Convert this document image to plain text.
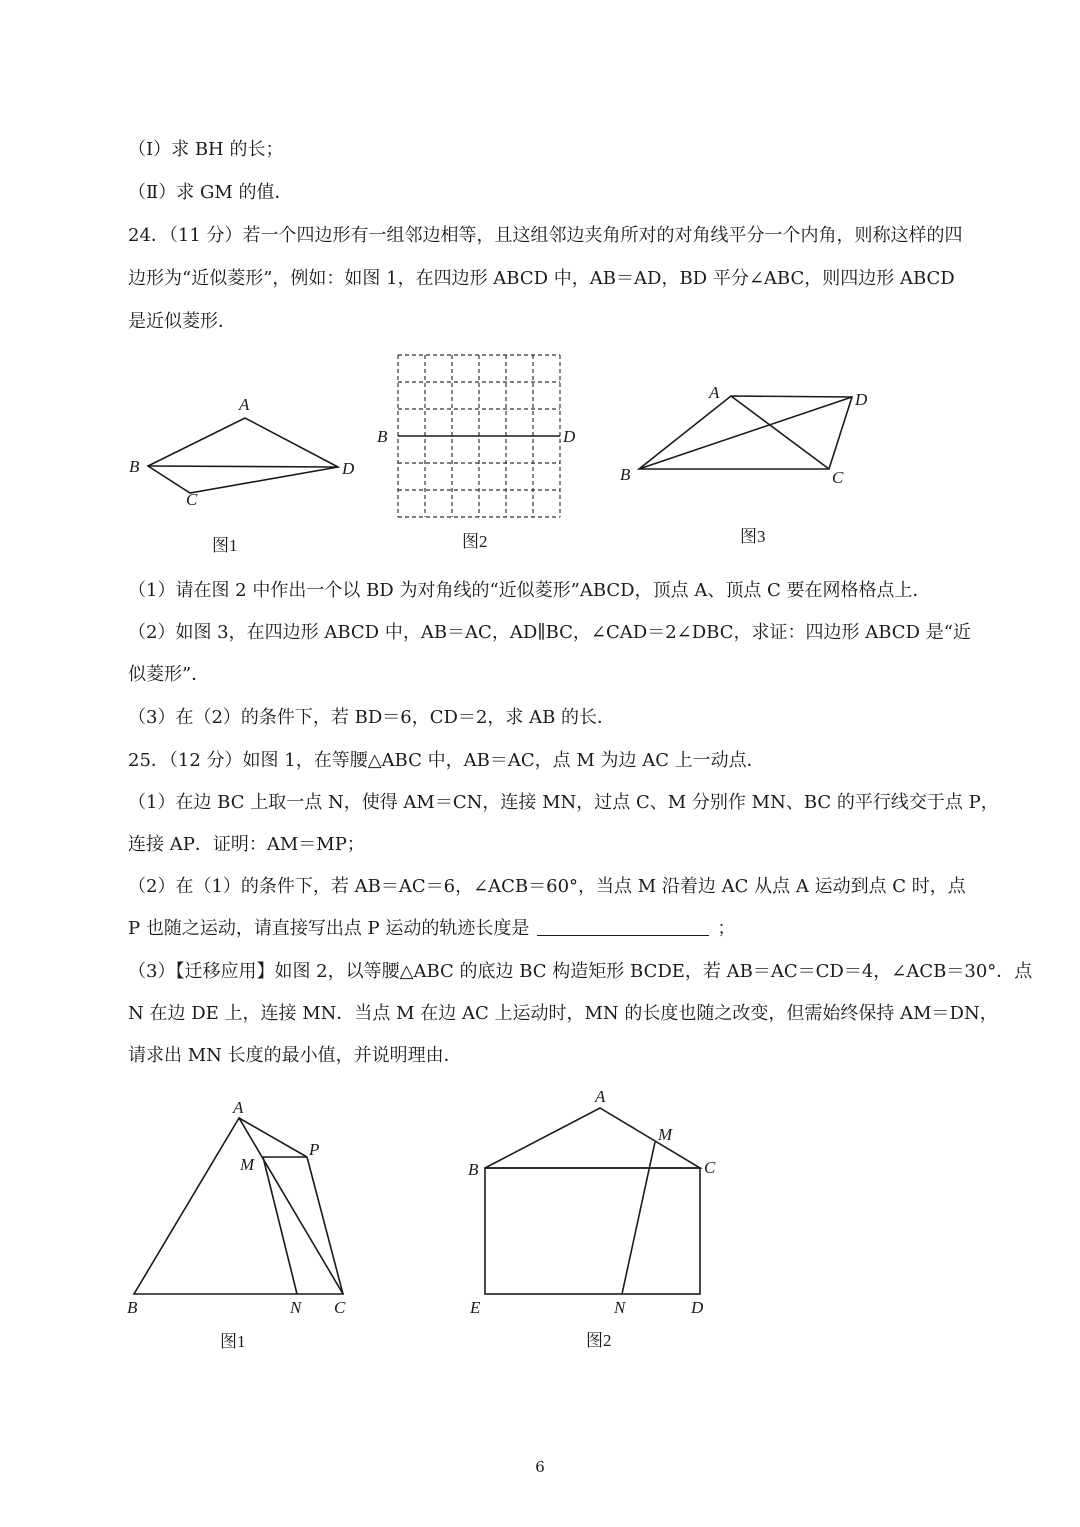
（Ⅰ）求 BH 的长；
（Ⅱ）求 GM 的值．
24．（11 分）若一个四边形有一组邻边相等，且这组邻边夹角所对的对角线平分一个内角，则称这样的四
边形为“近似菱形”，例如：如图 1，在四边形 ABCD 中，AB＝AD，BD 平分∠ABC，则四边形 ABCD
是近似菱形．
A
B
C
D
图1
B	D
图2
A
B	C
D
图3
（1）请在图 2 中作出一个以 BD 为对角线的“近似菱形”ABCD，顶点 A、顶点 C 要在网格格点上．
（2）如图 3，在四边形 ABCD 中，AB＝AC，AD∥BC，∠CAD＝2∠DBC，求证：四边形 ABCD 是“近
似菱形”．
（3）在（2）的条件下，若 BD＝6，CD＝2，求 AB 的长．
25．（12 分）如图 1，在等腰△ABC 中，AB＝AC，点 M 为边 AC 上一动点．
（1）在边 BC 上取一点 N，使得 AM＝CN，连接 MN，过点 C、M 分别作 MN、BC 的平行线交于点 P，
连接 AP．证明：AM＝MP；
（2）在（1）的条件下，若 AB＝AC＝6，∠ACB＝60°，当点 M 沿着边 AC 从点 A 运动到点 C 时，点
P 也随之运动，请直接写出点 P 运动的轨迹长度是	；
（3）【迁移应用】如图 2，以等腰△ABC 的底边 BC 构造矩形 BCDE，若 AB＝AC＝CD＝4，∠ACB＝30°．点
N 在边 DE 上，连接 MN．当点 M 在边 AC 上运动时，MN 的长度也随之改变，但需始终保持 AM＝DN，
请求出 MN 长度的最小值，并说明理由．
A
M
P
B	N C
图1
A
M
B	C
E	N	D
图2
6
